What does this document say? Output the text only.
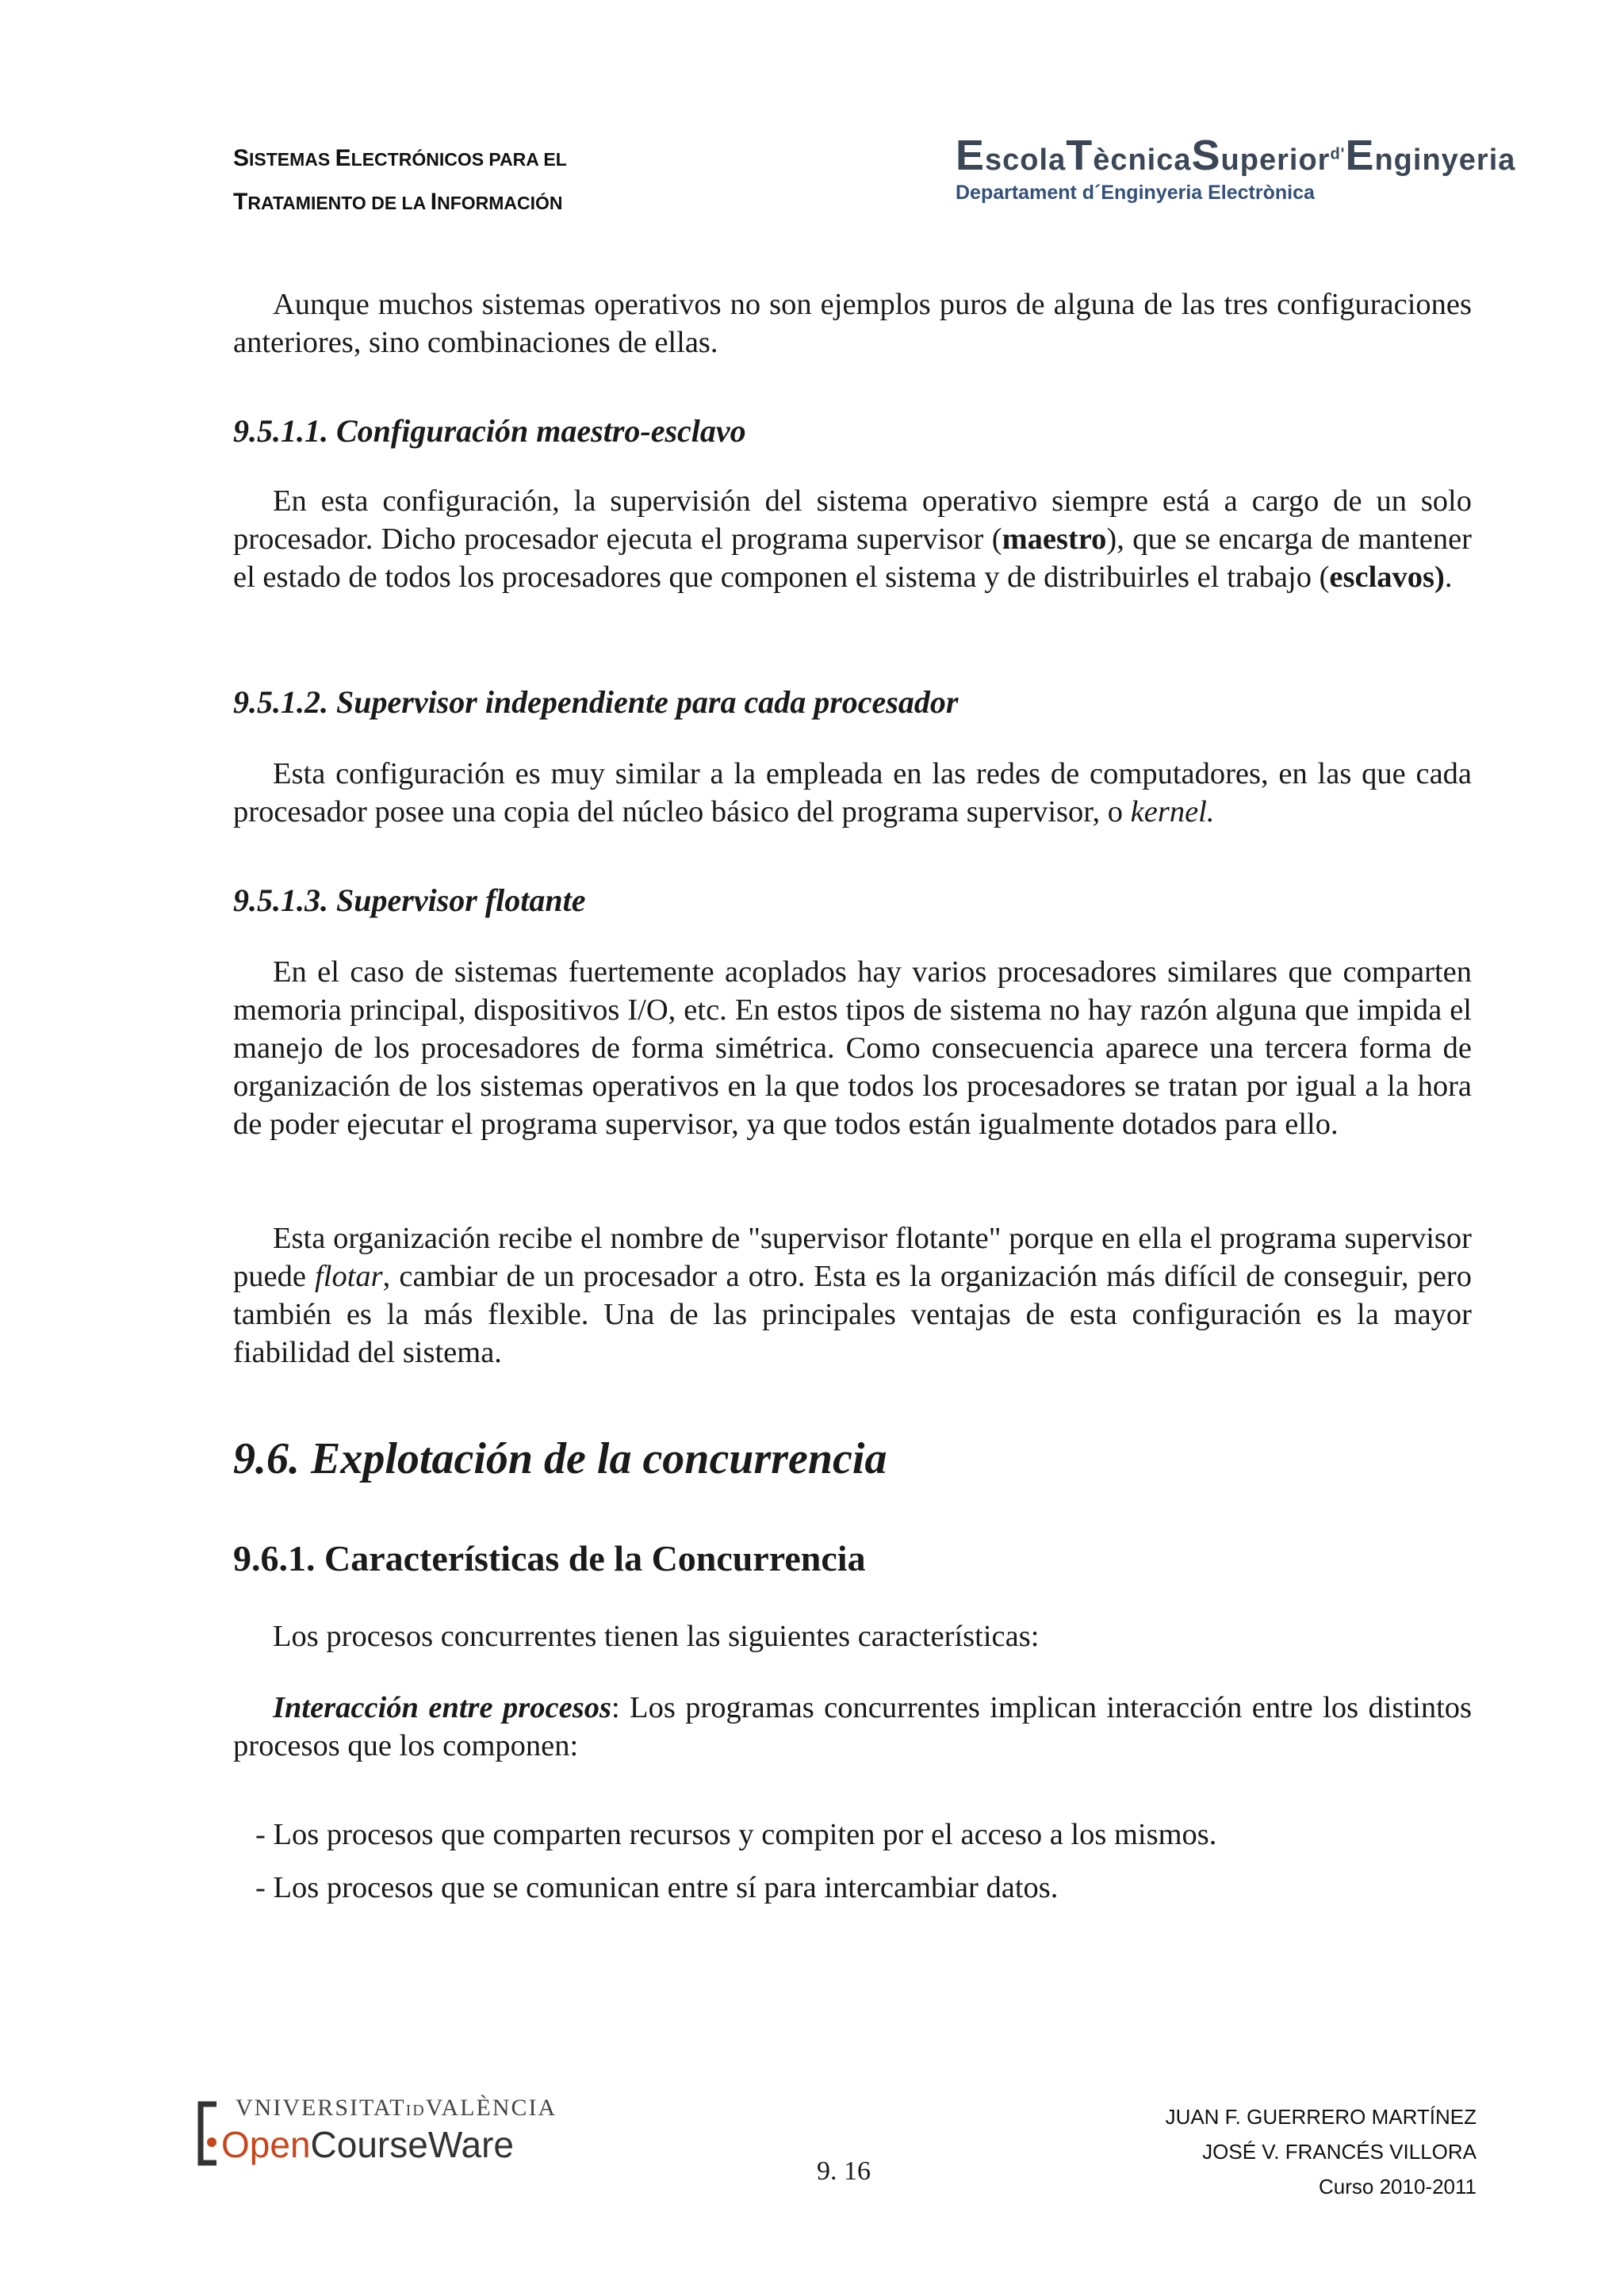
SISTEMAS ELECTRÓNICOS PARA EL
TRATAMIENTO DE LA INFORMACIÓN
EscolaTècnicaSuperior$^{d'}$Enginyeria
Departament d´Enginyeria Electrònica
Aunque muchos sistemas operativos no son ejemplos puros de alguna de las tres configuraciones anteriores, sino combinaciones de ellas.
9.5.1.1. Configuración maestro-esclavo
En esta configuración, la supervisión del sistema operativo siempre está a cargo de un solo procesador. Dicho procesador ejecuta el programa supervisor (maestro), que se encarga de mantener el estado de todos los procesadores que componen el sistema y de distribuirles el trabajo (esclavos).
9.5.1.2. Supervisor independiente para cada procesador
Esta configuración es muy similar a la empleada en las redes de computadores, en las que cada procesador posee una copia del núcleo básico del programa supervisor, o kernel.
9.5.1.3. Supervisor flotante
En el caso de sistemas fuertemente acoplados hay varios procesadores similares que comparten memoria principal, dispositivos I/O, etc. En estos tipos de sistema no hay razón alguna que impida el manejo de los procesadores de forma simétrica. Como consecuencia aparece una tercera forma de organización de los sistemas operativos en la que todos los procesadores se tratan por igual a la hora de poder ejecutar el programa supervisor, ya que todos están igualmente dotados para ello.
Esta organización recibe el nombre de "supervisor flotante" porque en ella el programa supervisor puede flotar, cambiar de un procesador a otro. Esta es la organización más difícil de conseguir, pero también es la más flexible. Una de las principales ventajas de esta configuración es la mayor fiabilidad del sistema.
9.6. Explotación de la concurrencia
9.6.1. Características de la Concurrencia
Los procesos concurrentes tienen las siguientes características:
Interacción entre procesos: Los programas concurrentes implican interacción entre los distintos procesos que los componen:
- Los procesos que comparten recursos y compiten por el acceso a los mismos.
- Los procesos que se comunican entre sí para intercambiar datos.
VNIVERSITATIDVALÈNCIA
OpenCourseWare
9. 16
JUAN F. GUERRERO MARTÍNEZ
JOSÉ V. FRANCÉS VILLORA
Curso 2010-2011
